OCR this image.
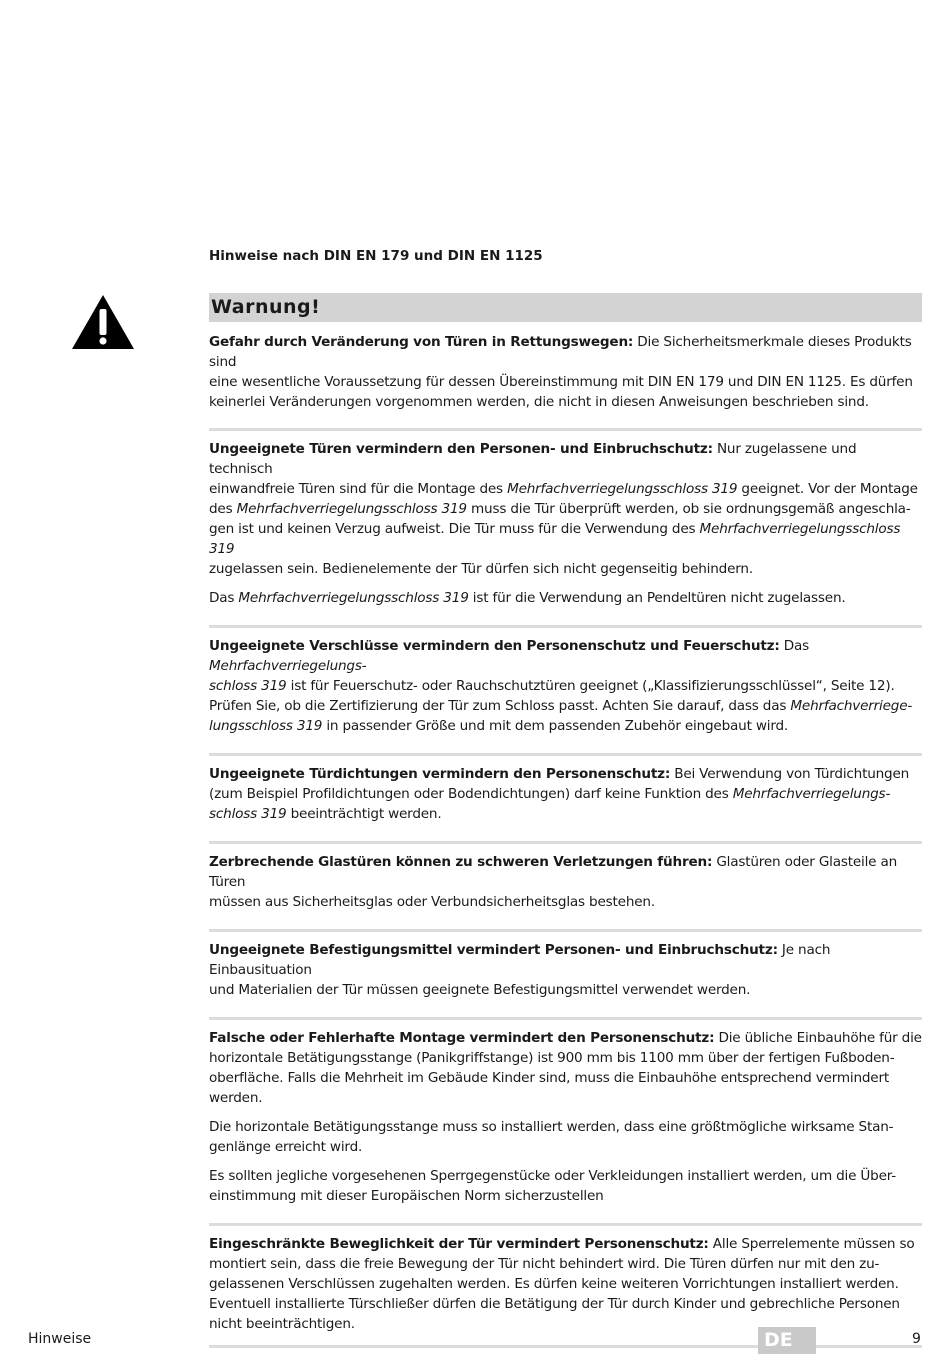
Hinweise nach DIN EN 179 und DIN EN 1125
Warnung!

Gefahr durch Veränderung von Türen in Rettungswegen: Die Sicherheitsmerkmale dieses Produkts sind
eine wesentliche Voraussetzung für dessen Übereinstimmung mit DIN EN 179 und DIN EN 1125. Es dürfen
keinerlei Veränderungen vorgenommen werden, die nicht in diesen Anweisungen beschrieben sind.

Ungeeignete Türen vermindern den Personen- und Einbruchschutz: Nur zugelassene und technisch
einwandfreie Türen sind für die Montage des Mehrfachverriegelungsschloss 319 geeignet. Vor der Montage
des Mehrfachverriegelungsschloss 319 muss die Tür überprüft werden, ob sie ordnungsgemäß angeschla-
gen ist und keinen Verzug aufweist. Die Tür muss für die Verwendung des Mehrfachverriegelungsschloss 319
zugelassen sein. Bedienelemente der Tür dürfen sich nicht gegenseitig behindern.

Das Mehrfachverriegelungsschloss 319 ist für die Verwendung an Pendeltüren nicht zugelassen.

Ungeeignete Verschlüsse vermindern den Personenschutz und Feuerschutz: Das Mehrfachverriegelungs-
schloss 319 ist für Feuerschutz- oder Rauchschutztüren geeignet („Klassifizierungsschlüssel“, Seite 12).
Prüfen Sie, ob die Zertifizierung der Tür zum Schloss passt. Achten Sie darauf, dass das Mehrfachverriege-
lungsschloss 319 in passender Größe und mit dem passenden Zubehör eingebaut wird.

Ungeeignete Türdichtungen vermindern den Personenschutz: Bei Verwendung von Türdichtungen
(zum Beispiel Profildichtungen oder Bodendichtungen) darf keine Funktion des Mehrfachverriegelungs-
schloss 319 beeinträchtigt werden.

Zerbrechende Glastüren können zu schweren Verletzungen führen: Glastüren oder Glasteile an Türen
müssen aus Sicherheitsglas oder Verbundsicherheitsglas bestehen.

Ungeeignete Befestigungsmittel vermindert Personen- und Einbruchschutz: Je nach Einbausituation
und Materialien der Tür müssen geeignete Befestigungsmittel verwendet werden.

Falsche oder Fehlerhafte Montage vermindert den Personenschutz: Die übliche Einbauhöhe für die
horizontale Betätigungsstange (Panikgriffstange) ist 900 mm bis 1100 mm über der fertigen Fußboden-
oberfläche. Falls die Mehrheit im Gebäude Kinder sind, muss die Einbauhöhe entsprechend vermindert
werden.

Die horizontale Betätigungsstange muss so installiert werden, dass eine größtmögliche wirksame Stan-
genlänge erreicht wird.

Es sollten jegliche vorgesehenen Sperrgegenstücke oder Verkleidungen installiert werden, um die Über-
einstimmung mit dieser Europäischen Norm sicherzustellen

Eingeschränkte Beweglichkeit der Tür vermindert Personenschutz: Alle Sperrelemente müssen so
montiert sein, dass die freie Bewegung der Tür nicht behindert wird. Die Türen dürfen nur mit den zu-
gelassenen Verschlüssen zugehalten werden. Es dürfen keine weiteren Vorrichtungen installiert werden.
Eventuell installierte Türschließer dürfen die Betätigung der Tür durch Kinder und gebrechliche Personen
nicht beeinträchtigen.

Hinweise	DE	9
